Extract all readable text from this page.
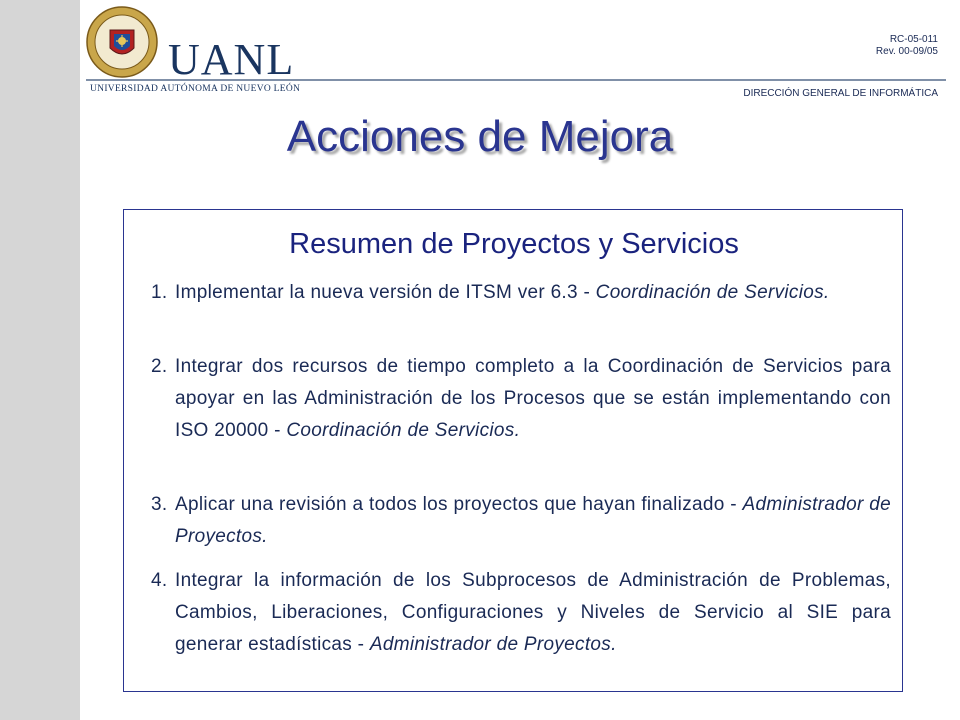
UANL
UNIVERSIDAD AUTÓNOMA DE NUEVO LEÓN
RC-05-011
Rev. 00-09/05
DIRECCIÓN GENERAL DE INFORMÁTICA
Acciones de Mejora
Resumen de Proyectos y Servicios
1. Implementar la nueva versión de ITSM ver 6.3 - Coordinación de Servicios.
2. Integrar dos recursos de tiempo completo a la Coordinación de Servicios para apoyar en las Administración de los Procesos que se están implementando con ISO 20000 - Coordinación de Servicios.
3. Aplicar una revisión a todos los proyectos que hayan finalizado - Administrador de Proyectos.
4. Integrar la información de los Subprocesos de Administración de Problemas, Cambios, Liberaciones, Configuraciones y Niveles de Servicio al SIE para generar estadísticas - Administrador de Proyectos.
